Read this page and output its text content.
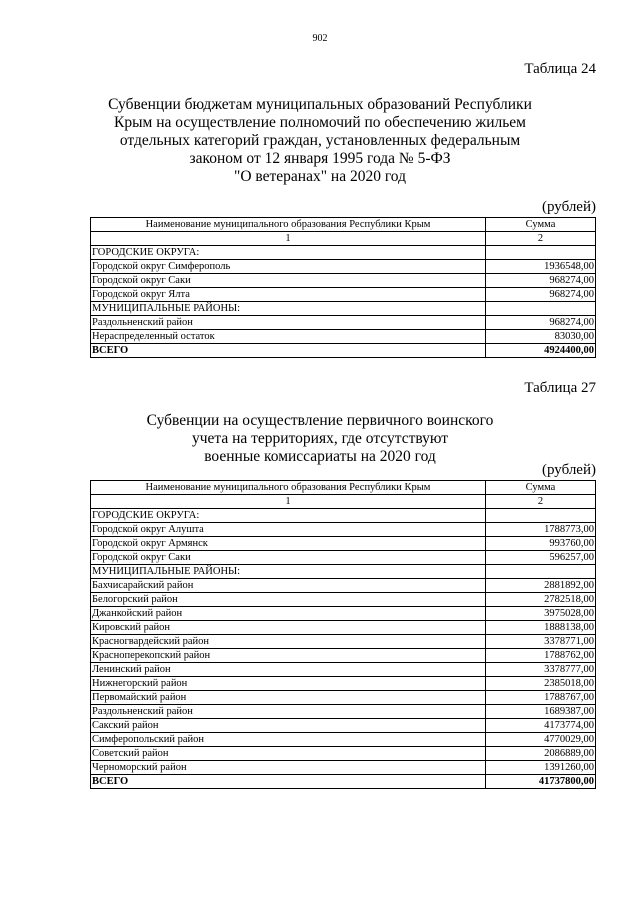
902
Таблица 24
Субвенции бюджетам муниципальных образований Республики
Крым на осуществление полномочий по обеспечению жильем
отдельных категорий граждан, установленных федеральным
законом от 12 января 1995 года № 5-ФЗ
"О ветеранах" на 2020 год
(рублей)
Наименование муниципального образования Республики Крым	Сумма
1	2
ГОРОДСКИЕ ОКРУГА:	
Городской округ Симферополь	1936548,00
Городской округ Саки	968274,00
Городской округ Ялта	968274,00
МУНИЦИПАЛЬНЫЕ РАЙОНЫ:	
Раздольненский район	968274,00
Нераспределенный остаток	83030,00
ВСЕГО	4924400,00
Таблица 27
Субвенции на осуществление первичного воинского
учета на территориях, где отсутствуют
военные комиссариаты на 2020 год
(рублей)
Наименование муниципального образования Республики Крым	Сумма
1	2
ГОРОДСКИЕ ОКРУГА:	
Городской округ Алушта	1788773,00
Городской округ Армянск	993760,00
Городской округ Саки	596257,00
МУНИЦИПАЛЬНЫЕ РАЙОНЫ:	
Бахчисарайский район	2881892,00
Белогорский район	2782518,00
Джанкойский район	3975028,00
Кировский район	1888138,00
Красногвардейский район	3378771,00
Красноперекопский район	1788762,00
Ленинский район	3378777,00
Нижнегорский район	2385018,00
Первомайский район	1788767,00
Раздольненский район	1689387,00
Сакский район	4173774,00
Симферопольский район	4770029,00
Советский район	2086889,00
Черноморский район	1391260,00
ВСЕГО	41737800,00
